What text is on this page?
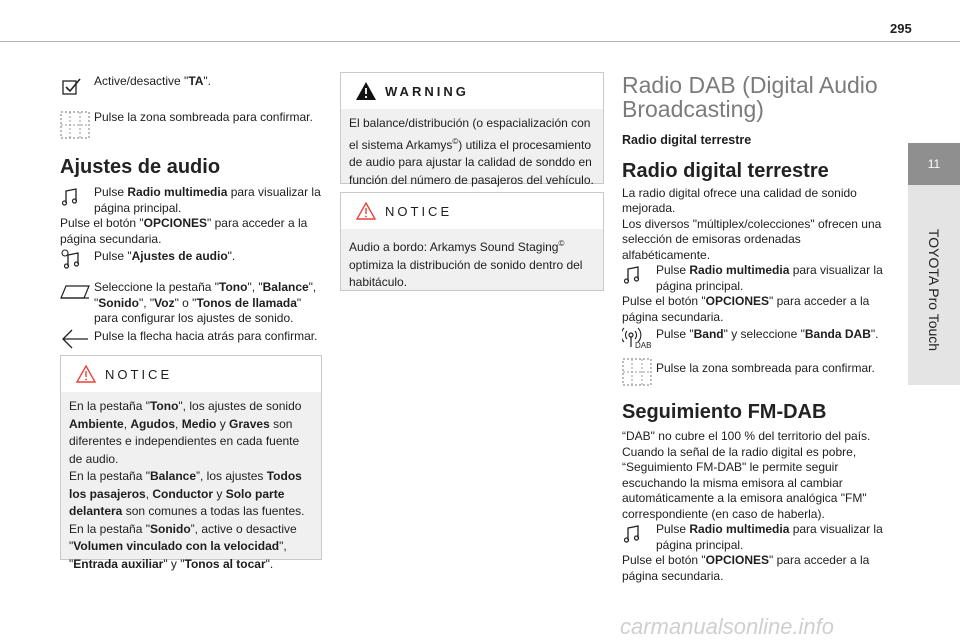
295
11
TOYOTA Pro Touch
Active/desactive "TA".
Pulse la zona sombreada para confirmar.
Ajustes de audio
Pulse Radio multimedia para visualizar la página principal.
Pulse el botón "OPCIONES" para acceder a la página secundaria.
Pulse "Ajustes de audio".
Seleccione la pestaña "Tono", "Balance", "Sonido", "Voz" o "Tonos de llamada" para configurar los ajustes de sonido.
Pulse la flecha hacia atrás para confirmar.
NOTICE

En la pestaña "Tono", los ajustes de sonido Ambiente, Agudos, Medio y Graves son diferentes e independientes en cada fuente de audio.

En la pestaña "Balance”, los ajustes Todos los pasajeros, Conductor y Solo parte delantera son comunes a todas las fuentes.

En la pestaña "Sonido”, active o desactive "Volumen vinculado con la velocidad", "Entrada auxiliar" y "Tonos al tocar".

WARNING
El balance/distribución (o espacialización con el sistema Arkamys©) utiliza el procesamiento de audio para ajustar la calidad de sonddo en función del número de pasajeros del vehículo.
NOTICE
Audio a bordo: Arkamys Sound Staging© optimiza la distribución de sonido dentro del habitáculo.
Radio DAB (Digital Audio Broadcasting)
Radio digital terrestre
Radio digital terrestre
La radio digital ofrece una calidad de sonido mejorada.
Los diversos "múltiplex/colecciones" ofrecen una selección de emisoras ordenadas alfabéticamente.
Pulse Radio multimedia para visualizar la página principal.
Pulse el botón "OPCIONES" para acceder a la página secundaria.
DAB
Pulse "Band" y seleccione "Banda DAB".
Pulse la zona sombreada para confirmar.
Seguimiento FM-DAB
“DAB" no cubre el 100 % del territorio del país.
Cuando la señal de la radio digital es pobre, “Seguimiento FM-DAB" le permite seguir escuchando la misma emisora al cambiar automáticamente a la emisora analógica "FM" correspondiente (en caso de haberla).
Pulse Radio multimedia para visualizar la página principal.
Pulse el botón "OPCIONES" para acceder a la página secundaria.
carmanualsonline.info
